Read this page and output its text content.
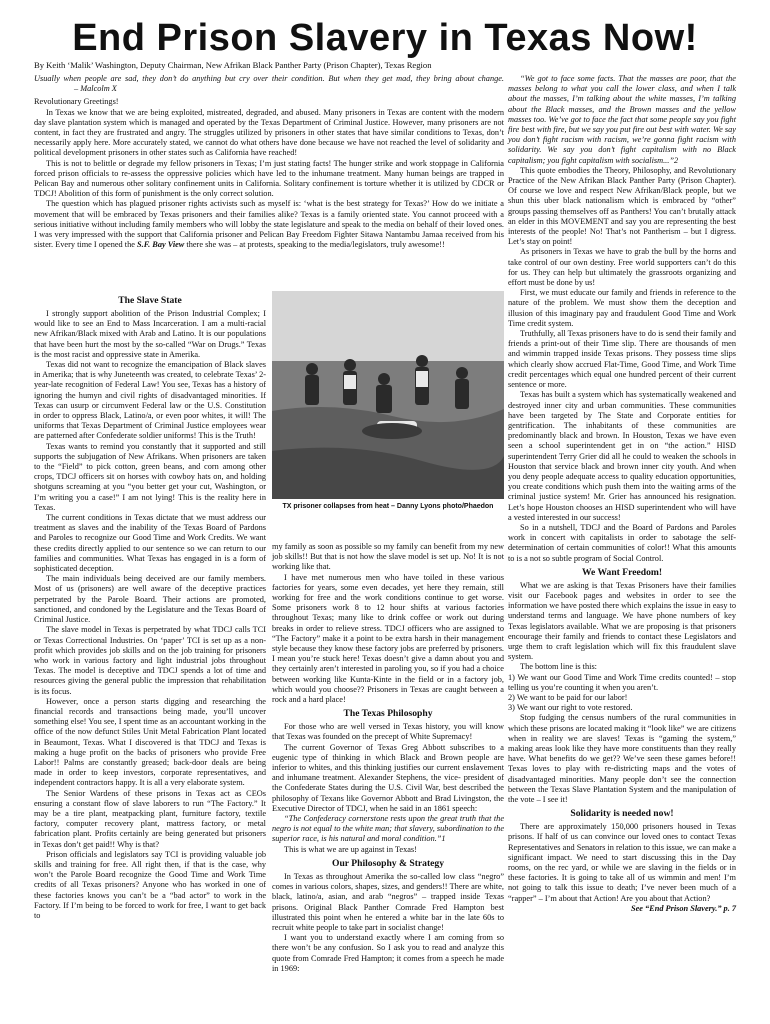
End Prison Slavery in Texas Now!
By Keith ‘Malik’ Washington, Deputy Chairman, New Afrikan Black Panther Party (Prison Chapter), Texas Region
Usually when people are sad, they don’t do anything but cry over their condition. But when they get mad, they bring about change. – Malcolm X

Revolutionary Greetings!

In Texas we know that we are being exploited, mistreated, degraded, and abused. Many prisoners in Texas are content with the modern day slave plantation system which is managed and operated by the Texas Department of Criminal Justice. However, many prisoners are not content, in fact they are frustrated and angry. The struggles utilized by prisoners in other states that have similar conditions to Texas, don’t necessarily apply here. More accurately stated, we cannot do what others have done because we have not reached the level of solidarity and political development prisoners in other states such as California have reached!

This is not to belittle or degrade my fellow prisoners in Texas; I’m just stating facts! The hunger strike and work stoppage in California forced prison officials to re-assess the oppressive policies which have led to the inhumane treatment. Many human beings are trapped in Pelican Bay and numerous other solitary confinement units in California. Solitary confinement is torture whether it is utilized by CDCR or TDCJ! Abolition of this form of punishment is the only correct solution.

The question which has plagued prisoner rights activists such as myself is: ‘what is the best strategy for Texas?’ How do we initiate a movement that will be embraced by Texas prisoners and their families alike? Texas is a family oriented state. You cannot proceed with a serious initiative without including family members who will lobby the state legislature and speak to the media on behalf of their loved ones. I was very impressed with the support that California prisoner and Pelican Bay Freedom Fighter Sitawa Nantambu Jamaa received from his sister. Every time I opened the S.F. Bay View there she was – at protests, speaking to the media/legislators, truly awesome!!

The Slave State

I strongly support abolition of the Prison Industrial Complex; I would like to see an End to Mass Incarceration. I am a multi-racial new Afrikan/Black mixed with Arab and Latino. It is our populations that have been hurt the most by the so-called “War on Drugs.” Texas is the most racist and oppressive state in Amerika.

Texas did not want to recognize the emancipation of Black slaves in Amerika; that is why Juneteenth was created, to celebrate Texas’ 2-year-late recognition of Federal Law! You see, Texas has a history of ignoring the humyn and civil rights of disadvantaged minorities. If Texas can usurp or circumvent Federal law or the U.S. Constitution in order to oppress Black, Latino/a, or even poor whites, it will! The uniforms that Texas Department of Criminal Justice employees wear are patterned after Confederate soldier uniforms! This is the Truth!

Texas wants to remind you constantly that it supported and still supports the subjugation of New Afrikans. When prisoners are taken to the “Field” to pick cotton, green beans, and corn among other crops, TDCJ officers sit on horses with cowboy hats on, and holding shotguns screaming at you “you better get your cut, Washington, or I’m writing you a case!” I am not lying! This is the reality here in Texas.

The current conditions in Texas dictate that we must address our treatment as slaves and the inability of the Texas Board of Pardons and Paroles to recognize our Good Time and Work Credits. We want these credits directly applied to our sentence so we can return to our families and communities. What Texas has engaged in is a form of sophisticated deception.

The main individuals being deceived are our family members. Most of us (prisoners) are well aware of the deceptive practices perpetrated by the Parole Board. Their actions are promoted, sanctioned, and condoned by the Legislature and the Texas Board of Criminal Justice.

The slave model in Texas is perpetrated by what TDCJ calls TCI or Texas Correctional Industries. On ‘paper’ TCI is set up as a non-profit which provides job skills and on the job training for prisoners who work in various factory and light industrial jobs throughout Texas. The model is deceptive and TDCJ spends a lot of time and resources giving the general public the impression that rehabilitation is its focus.

However, once a person starts digging and researching the financial records and transactions being made, you’ll uncover something else! You see, I spent time as an accountant working in the office of the now defunct Stiles Unit Metal Fabrication Plant located in Beaumont, Texas. What I discovered is that TDCJ and Texas is making a huge profit on the backs of prisoners who provide Free Labor!! Palms are constantly greased; back-door deals are being made in order to keep investors, corporate representatives, and independent contractors happy. It is all a very elaborate system.

The Senior Wardens of these prisons in Texas act as CEOs ensuring a constant flow of slave laborers to run “The Factory.” It may be a tire plant, meatpacking plant, furniture factory, textile factory, computer recovery plant, mattress factory, or metal fabrication plant. Profits certainly are being generated but prisoners in Texas don’t get paid!! Why is that?

Prison officials and legislators say TCI is providing valuable job skills and training for free. All right then, if that is the case, why won’t the Parole Board recognize the Good Time and Work Time credits of all Texas prisoners? Anyone who has worked in one of these factories knows you can’t be a “bad actor” to work in the Factory. If I’m being to be forced to work for free, I want to get back to

TX prisoner collapses from heat – Danny Lyons photo/Phaedon

my family as soon as possible so my family can benefit from my new job skills!! But that is not how the slave model is set up. No! It is not working like that.

I have met numerous men who have toiled in these various factories for years, some even decades, yet here they remain, still working for free and the work conditions continue to get worse. Some prisoners work 8 to 12 hour shifts at various factories throughout Texas; many like to drink coffee or work out during breaks in order to relieve stress. TDCJ officers who are assigned to “The Factory” make it a point to be extra harsh in their management style because they know these factory jobs are preferred by prisoners. I mean you’re stuck here! Texas doesn’t give a damn about you and they certainly aren’t interested in paroling you, so if you had a choice between working like Kunta-Kinte in the field or in a factory job, which would you choose?? Prisoners in Texas are caught between a rock and a hard place!

The Texas Philosophy

For those who are well versed in Texas history, you will know that Texas was founded on the precept of White Supremacy!

The current Governor of Texas Greg Abbott subscribes to a eugenic type of thinking in which Black and Brown people are inferior to whites, and this thinking justifies our current enslavement and inhumane treatment. Alexander Stephens, the vice- president of the Confederate States during the U.S. Civil War, best described the philosophy of Texans like Governor Abbott and Brad Livingston, the Executive Director of TDCJ, when he said in an 1861 speech:

“The Confederacy cornerstone rests upon the great truth that the negro is not equal to the white man; that slavery, subordination to the superior race, is his natural and moral condition.”1

This is what we are up against in Texas!

Our Philosophy & Strategy

In Texas as throughout Amerika the so-called low class “negro” comes in various colors, shapes, sizes, and genders!! There are white, black, latino/a, asian, and arab “negros” – trapped inside Texas prisons. Original Black Panther Comrade Fred Hampton best illustrated this point when he entered a white bar in the late 60s to recruit white people to take part in socialist change!

I want you to understand exactly where I am coming from so there won’t be any confusion. So I ask you to read and analyze this quote from Comrade Fred Hampton; it comes from a speech he made in 1969:

“We got to face some facts. That the masses are poor, that the masses belong to what you call the lower class, and when I talk about the masses, I’m talking about the white masses, I’m talking about the Black masses, and the Brown masses and the yellow masses too. We’ve got to face the fact that some people say you fight fire best with fire, but we say you put fire out best with water. We say you don’t fight racism with racism, we’re gonna fight racism with solidarity. We say you don’t fight capitalism with no Black capitalism; you fight capitalism with socialism...”2

This quote embodies the Theory, Philosophy, and Revolutionary Practice of the New Afrikan Black Panther Party (Prison Chapter). Of course we love and respect New Afrikan/Black people, but we shun this uber black nationalism which is embraced by “other” groups passing themselves off as Panthers! You can’t brutally attack an elder in this MOVEMENT and say you are representing the best interests of the people! No! That’s not Pantherism – but I digress. Let’s stay on point!

As prisoners in Texas we have to grab the bull by the horns and take control of our own destiny. Free world supporters can’t do this for us. They can help but ultimately the grassroots organizing and effort must be done by us!

First, we must educate our family and friends in reference to the nature of the problem. We must show them the deception and illusion of this imaginary pay and fraudulent Good Time and Work Time credit system.

Truthfully, all Texas prisoners have to do is send their family and friends a print-out of their Time slip. There are thousands of men and wimmin trapped inside Texas prisons. They possess time slips which clearly show accrued Flat-Time, Good Time, and Work Time credit percentages which equal one hundred percent of their current sentence or more.

Texas has built a system which has systematically weakened and destroyed inner city and urban communities. These communities have been targeted by The State and Corporate entities for gentrification. The inhabitants of these communities are predominantly black and brown. In Houston, Texas we have even seen a school superintendent get in on “the action.” HISD superintendent Terry Grier did all he could to weaken the schools in Houston that service black and brown inner city youth. And when you deny people adequate access to quality education opportunities, you create conditions which push them into the waiting arms of the criminal justice system! Mr. Grier has announced his resignation. Let’s hope Houston chooses an HISD superintendent who will have a vested interested in our success!

So in a nutshell, TDCJ and the Board of Pardons and Paroles work in concert with capitalists in order to sabotage the self-determination of certain communities of color!! What this amounts to is a not so subtle program of Social Control.

We Want Freedom!

What we are asking is that Texas Prisoners have their families visit our Facebook pages and websites in order to see the information we have posted there which explains the issue in easy to understand terms and language. We have phone numbers of key Texas legislators available. What we are proposing is that prisoners encourage their family and friends to contact these Legislators and urge them to craft legislation which will fix this fraudulent slave system.

The bottom line is this:

1) We want our Good Time and Work Time credits counted! – stop telling us you’re counting it when you aren’t.

2) We want to be paid for our labor!

3) We want our right to vote restored.

Stop fudging the census numbers of the rural communities in which these prisons are located making it “look like” we are citizens when in reality we are slaves! Texas is “gaming the system,” making areas look like they have more constituents than they really have. What benefits do we get?? We’ve seen these games before!! Texas loves to play with re-districting maps and the votes of disadvantaged minorities. Many people don’t see the connection between the Texas Slave Plantation System and the manipulation of the vote – I see it!

Solidarity is needed now!

There are approximately 150,000 prisoners housed in Texas prisons. If half of us can convince our loved ones to contact Texas Representatives and Senators in relation to this issue, we can make a significant impact. We need to start discussing this in the Day rooms, on the rec yard, or while we are slaving in the fields or in these factories. It is going to take all of us wimmin and men! I’m not going to talk this issue to death; I’ve never been much of a “rapper” – I’m about that Action! Are you about that Action?

See “End Prison Slavery.” p. 7
